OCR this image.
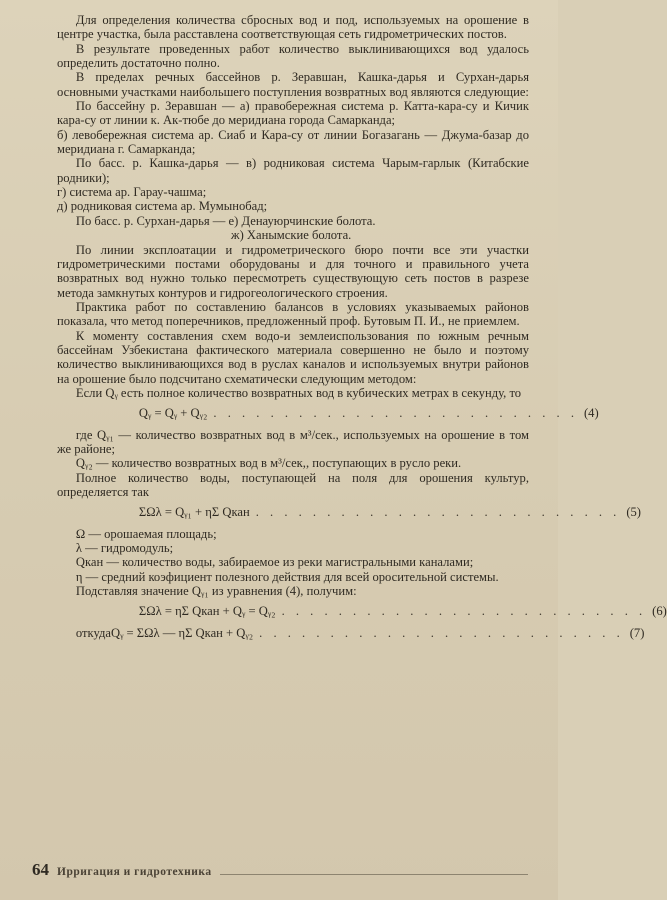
Для определения количества сбросных вод и под, используемых на орошение в центре участка, была расставлена соответствующая сеть гидрометрических постов.

В результате проведенных работ количество выклинивающихся вод удалось определить достаточно полно.

В пределах речных бассейнов р. Зеравшан, Кашка-дарья и Сурхан-дарья основными участками наибольшего поступления возвратных вод являются следующие:

По бассейну р. Зеравшан — а) правобережная система р. Катта-кара-су и Кичик кара-су от линии к. Ак-тюбе до меридиана города Самарканда;

б) левобережная система ар. Сиаб и Кара-су от линии Богазагань — Джума-базар до меридиана г. Самарканда;

По басс. р. Кашка-дарья — в) родниковая система Чарым-гарлык (Китабские родники);

г) система ар. Гарау-чашма;

д) родниковая система ар. Мумынобад;

По басс. р. Сурхан-дарья — е) Денауюрчинские болота.

ж) Ханымские болота.

По линии эксплоатации и гидрометрического бюро почти все эти участки гидрометрическими постами оборудованы и для точного и правильного учета возвратных вод нужно только пересмотреть существующую сеть постов в разрезе метода замкнутых контуров и гидрогеологического строения.

Практика работ по составлению балансов в условиях указываемых районов показала, что метод поперечников, предложенный проф. Бутовым П. И., не приемлем.

К моменту составления схем водо-и землеиспользования по южным речным бассейнам Узбекистана фактического материала совершенно не было и поэтому количество выклинивающихся вод в руслах каналов и используемых внутри районов на орошение было подсчитано схематически следующим методом:

Если Qᵧ есть полное количество возвратных вод в кубических метрах в секунду, то

Qᵧ = Qᵧ + Qᵧ₂ . . . . . . . . . . . . . . . . . . . . . . . . . . (4)

где Qᵧ₁ — количество возвратных вод в м³/сек., используемых на орошение в том же районе;

Qᵧ₂ — количество возвратных вод в м³/сек,, поступающих в русло реки.

Полное количество воды, поступающей на поля для орошения культур, определяется так

ΣΩλ = Qᵧ₁ + ηΣ Qкан . . . . . . . . . . . . . . . . . . . . . . . . . . (5)

Ω — орошаемая площадь;

λ — гидромодуль;

Qкан — количество воды, забираемое из реки магистральными каналами;

η — средний коэфициент полезного действия для всей оросительной системы.

Подставляя значение Qᵧ₁ из уравнения (4), получим:

ΣΩλ = ηΣ Qкан + Qᵧ = Qᵧ₂ . . . . . . . . . . . . . . . . . . . . . . . . . . (6)
откуда Qᵧ = ΣΩλ — ηΣ Qкан + Qᵧ₂ . . . . . . . . . . . . . . . . . . . . . . . . . . (7)
64 Ирригация и гидротехника
